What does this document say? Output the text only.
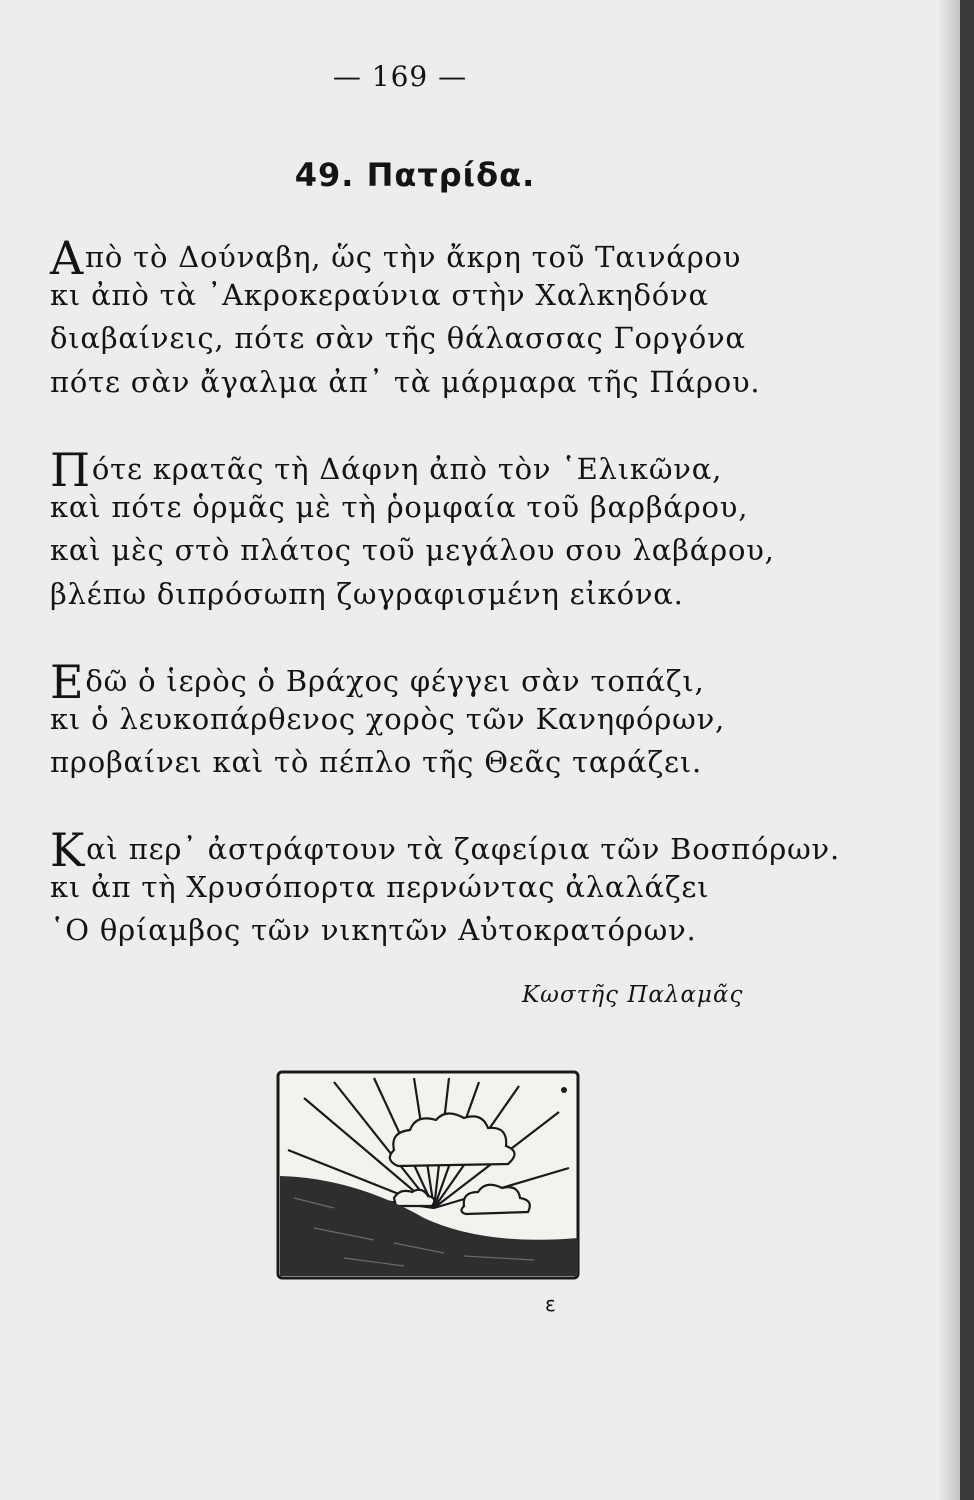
— 169 —
49. Πατρίδα.
Απὸ τὸ Δούναβη, ὥς τὴν ἄκρη τοῦ Ταινάρου
κι ἀπὸ τὰ ᾿Ακροκεραύνια στὴν Χαλκηδόνα
διαβαίνεις, πότε σὰν τῆς θάλασσας Γοργόνα
πότε σὰν ἄγαλμα ἀπ᾿ τὰ μάρμαρα τῆς Πάρου.
Πότε κρατᾶς τὴ Δάφνη ἀπὸ τὸν ῾Ελικῶνα,
καὶ πότε ὁρμᾶς μὲ τὴ ῥομφαία τοῦ βαρβάρου,
καὶ μὲς στὸ πλάτος τοῦ μεγάλου σου λαβάρου,
βλέπω διπρόσωπη ζωγραφισμένη εἰκόνα.
Εδῶ ὁ ἱερὸς ὁ Βράχος φέγγει σὰν τοπάζι,
κι ὁ λευκοπάρθενος χορὸς τῶν Κανηφόρων,
προβαίνει καὶ τὸ πέπλο τῆς Θεᾶς ταράζει.
Καὶ περ᾿ ἀστράφτουν τὰ ζαφείρια τῶν Βοσπόρων.
κι ἀπ τὴ Χρυσόπορτα περνώντας ἀλαλάζει
῾Ο θρίαμβος τῶν νικητῶν Αὐτοκρατόρων.
Κωστῆς Παλαμᾶς
ε
